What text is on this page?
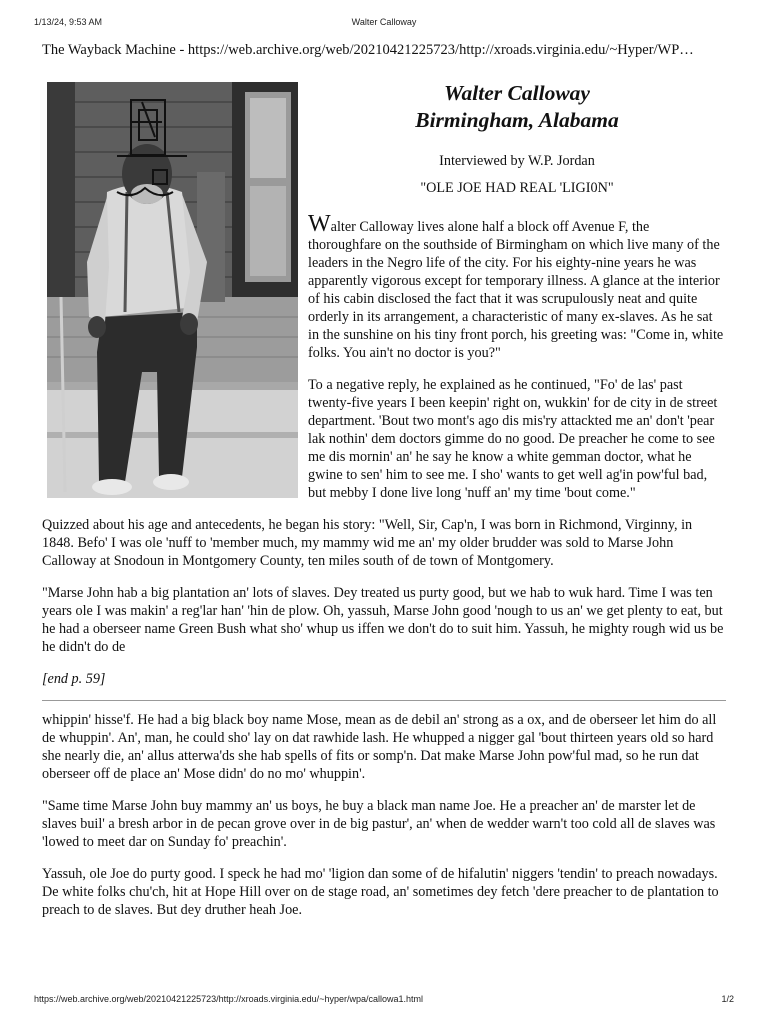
1/13/24, 9:53 AM	Walter Calloway
The Wayback Machine - https://web.archive.org/web/20210421225723/http://xroads.virginia.edu/~Hyper/WP…
Walter Calloway
Birmingham, Alabama
Interviewed by W.P. Jordan
"OLE JOE HAD REAL 'LIGI0N"

Walter Calloway lives alone half a block off Avenue F, the thoroughfare on the southside of Birmingham on which live many of the leaders in the Negro life of the city. For his eighty-nine years he was apparently vigorous except for temporary illness. A glance at the interior of his cabin disclosed the fact that it was scrupulously neat and quite orderly in its arrangement, a characteristic of many ex-slaves. As he sat in the sunshine on his tiny front porch, his greeting was: "Come in, white folks. You ain't no doctor is you?"

To a negative reply, he explained as he continued, "Fo' de las' past twenty-five years I been keepin' right on, wukkin' for de city in de street department. 'Bout two mont's ago dis mis'ry attackted me an' don't 'pear lak nothin' dem doctors gimme do no good. De preacher he come to see me dis mornin' an' he say he know a white gemman doctor, what he gwine to sen' him to see me. I sho' wants to get well ag'in pow'ful bad, but mebby I done live long 'nuff an' my time 'bout come."

Quizzed about his age and antecedents, he began his story: "Well, Sir, Cap'n, I was born in Richmond, Virginny, in 1848. Befo' I was ole 'nuff to 'member much, my mammy wid me an' my older brudder was sold to Marse John Calloway at Snodoun in Montgomery County, ten miles south of de town of Montgomery.

"Marse John hab a big plantation an' lots of slaves. Dey treated us purty good, but we hab to wuk hard. Time I was ten years ole I was makin' a reg'lar han' 'hin de plow. Oh, yassuh, Marse John good 'nough to us an' we get plenty to eat, but he had a oberseer name Green Bush what sho' whup us iffen we don't do to suit him. Yassuh, he mighty rough wid us be he didn't do de

[end p. 59]

whippin' hisse'f. He had a big black boy name Mose, mean as de debil an' strong as a ox, and de oberseer let him do all de whuppin'. An', man, he could sho' lay on dat rawhide lash. He whupped a nigger gal 'bout thirteen years old so hard she nearly die, an' allus atterwa'ds she hab spells of fits or somp'n. Dat make Marse John pow'ful mad, so he run dat oberseer off de place an' Mose didn' do no mo' whuppin'.

"Same time Marse John buy mammy an' us boys, he buy a black man name Joe. He a preacher an' de marster let de slaves buil' a bresh arbor in de pecan grove over in de big pastur', an' when de wedder warn't too cold all de slaves was 'lowed to meet dar on Sunday fo' preachin'.

Yassuh, ole Joe do purty good. I speck he had mo' 'ligion dan some of de hifalutin' niggers 'tendin' to preach nowadays. De white folks chu'ch, hit at Hope Hill over on de stage road, an' sometimes dey fetch 'dere preacher to de plantation to preach to de slaves. But dey druther heah Joe.

https://web.archive.org/web/20210421225723/http://xroads.virginia.edu/~hyper/wpa/callowa1.html	1/2
